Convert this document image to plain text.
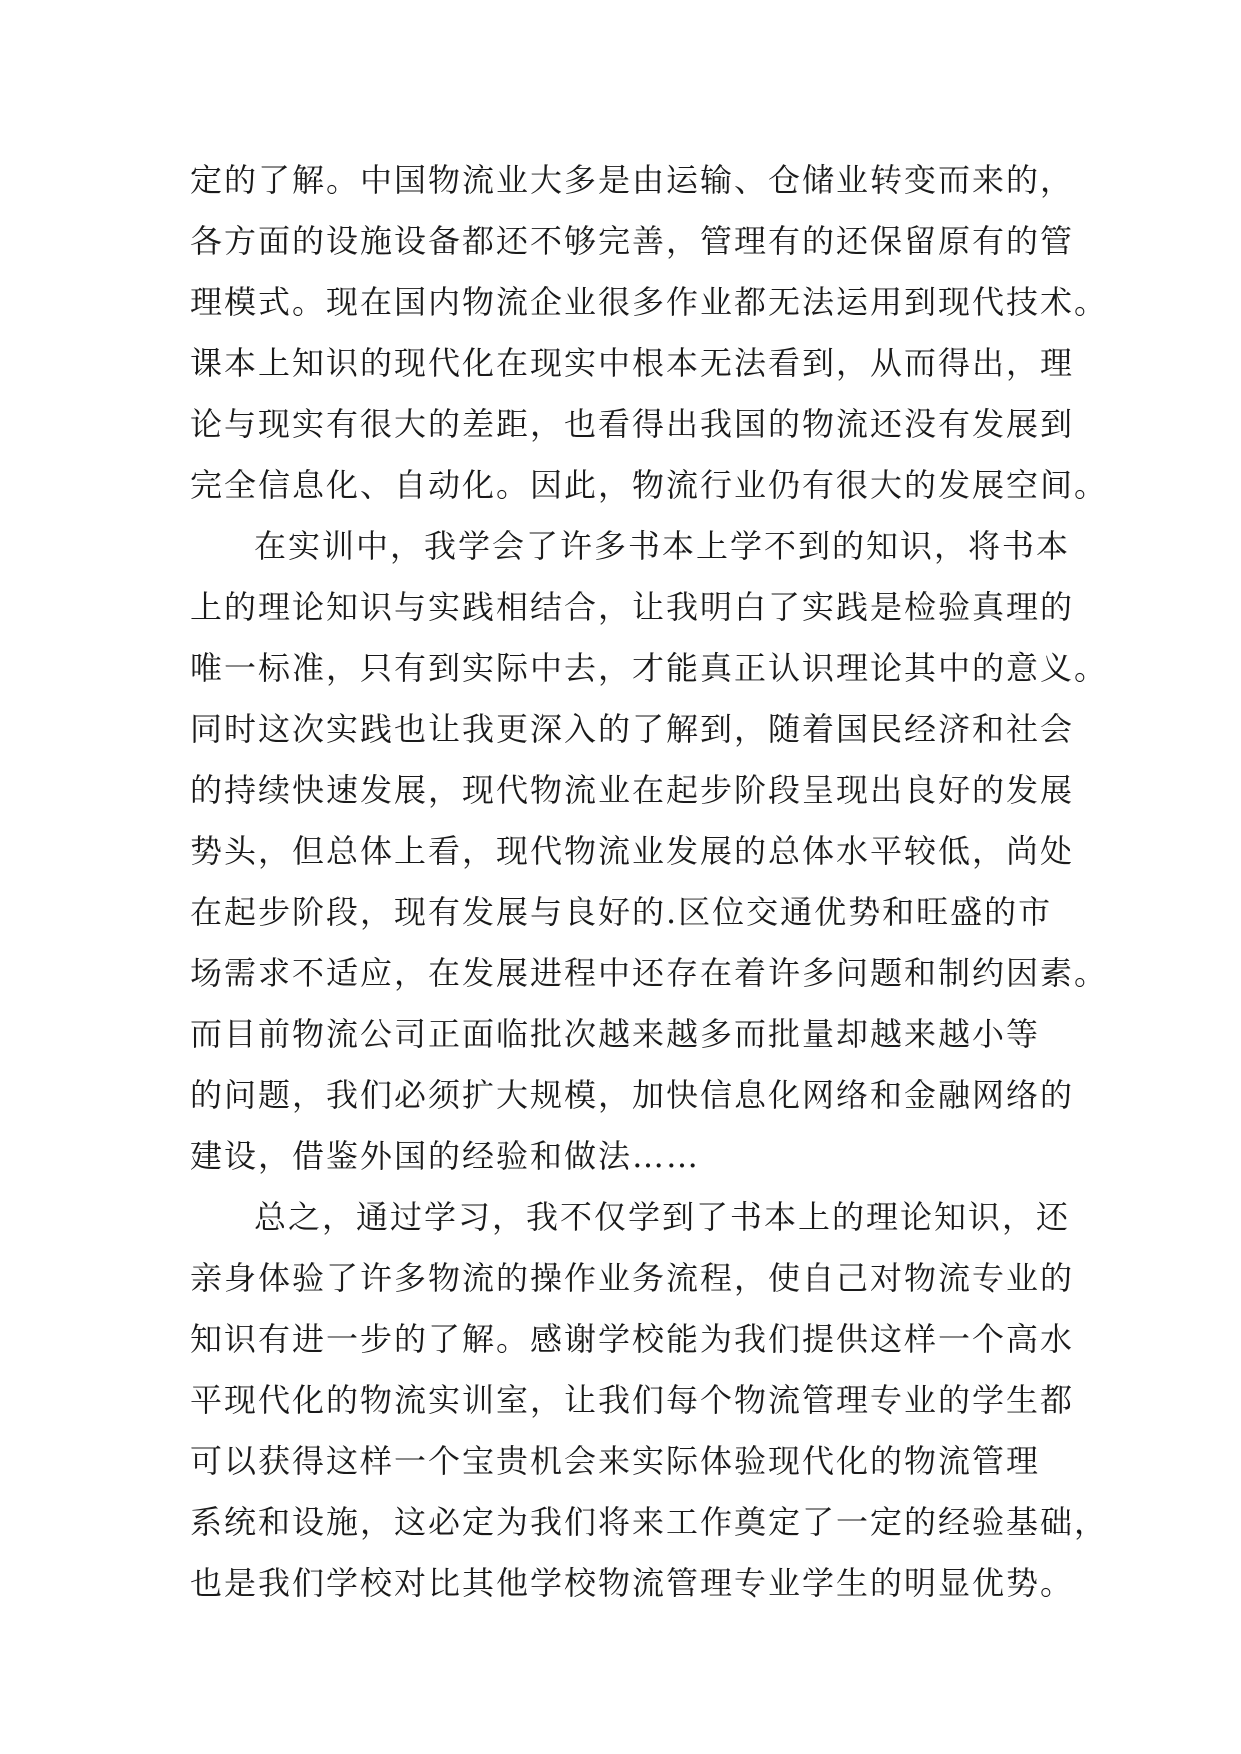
定的了解。中国物流业大多是由运输、仓储业转变而来的，
各方面的设施设备都还不够完善，管理有的还保留原有的管
理模式。现在国内物流企业很多作业都无法运用到现代技术。
课本上知识的现代化在现实中根本无法看到，从而得出，理
论与现实有很大的差距，也看得出我国的物流还没有发展到
完全信息化、自动化。因此，物流行业仍有很大的发展空间。
在实训中，我学会了许多书本上学不到的知识，将书本
上的理论知识与实践相结合，让我明白了实践是检验真理的
唯一标准，只有到实际中去，才能真正认识理论其中的意义。
同时这次实践也让我更深入的了解到，随着国民经济和社会
的持续快速发展，现代物流业在起步阶段呈现出良好的发展
势头，但总体上看，现代物流业发展的总体水平较低，尚处
在起步阶段，现有发展与良好的.区位交通优势和旺盛的市
场需求不适应，在发展进程中还存在着许多问题和制约因素。
而目前物流公司正面临批次越来越多而批量却越来越小等
的问题，我们必须扩大规模，加快信息化网络和金融网络的
建设，借鉴外国的经验和做法……
总之，通过学习，我不仅学到了书本上的理论知识，还
亲身体验了许多物流的操作业务流程，使自己对物流专业的
知识有进一步的了解。感谢学校能为我们提供这样一个高水
平现代化的物流实训室，让我们每个物流管理专业的学生都
可以获得这样一个宝贵机会来实际体验现代化的物流管理
系统和设施，这必定为我们将来工作奠定了一定的经验基础，
也是我们学校对比其他学校物流管理专业学生的明显优势。
